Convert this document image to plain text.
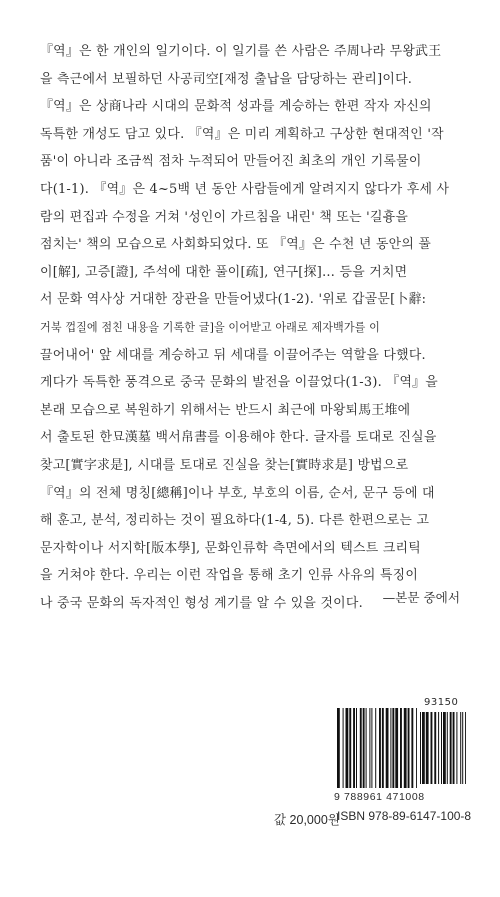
『역』은 한 개인의 일기이다. 이 일기를 쓴 사람은 주周나라 무왕武王
을 측근에서 보필하던 사공司空[재정 출납을 담당하는 관리]이다.
『역』은 상商나라 시대의 문화적 성과를 계승하는 한편 작자 자신의
독특한 개성도 담고 있다. 『역』은 미리 계획하고 구상한 현대적인 '작
품'이 아니라 조금씩 점차 누적되어 만들어진 최초의 개인 기록물이
다(1-1). 『역』은 4~5백 년 동안 사람들에게 알려지지 않다가 후세 사
람의 편집과 수정을 거쳐 '성인이 가르침을 내린' 책 또는 '길흉을
점치는' 책의 모습으로 사회화되었다. 또 『역』은 수천 년 동안의 풀
이[解], 고증[證], 주석에 대한 풀이[疏], 연구[探]… 등을 거치면
서 문화 역사상 거대한 장관을 만들어냈다(1-2). '위로 갑골문[卜辭:
거북 껍질에 점친 내용을 기록한 글]을 이어받고 아래로 제자백가를 이
끌어내어' 앞 세대를 계승하고 뒤 세대를 이끌어주는 역할을 다했다.
게다가 독특한 풍격으로 중국 문화의 발전을 이끌었다(1-3). 『역』을
본래 모습으로 복원하기 위해서는 반드시 최근에 마왕퇴馬王堆에
서 출토된 한묘漢墓 백서帛書를 이용해야 한다. 글자를 토대로 진실을
찾고[實字求是], 시대를 토대로 진실을 찾는[實時求是] 방법으로
『역』의 전체 명칭[總稱]이나 부호, 부호의 이름, 순서, 문구 등에 대
해 훈고, 분석, 정리하는 것이 필요하다(1-4, 5). 다른 한편으로는 고
문자학이나 서지학[版本學], 문화인류학 측면에서의 텍스트 크리틱
을 거쳐야 한다. 우리는 이런 작업을 통해 초기 인류 사유의 특징이
나 중국 문화의 독자적인 형성 계기를 알 수 있을 것이다.	—본문 중에서
93150
9 788961 471008
값 20,000원
ISBN 978-89-6147-100-8
